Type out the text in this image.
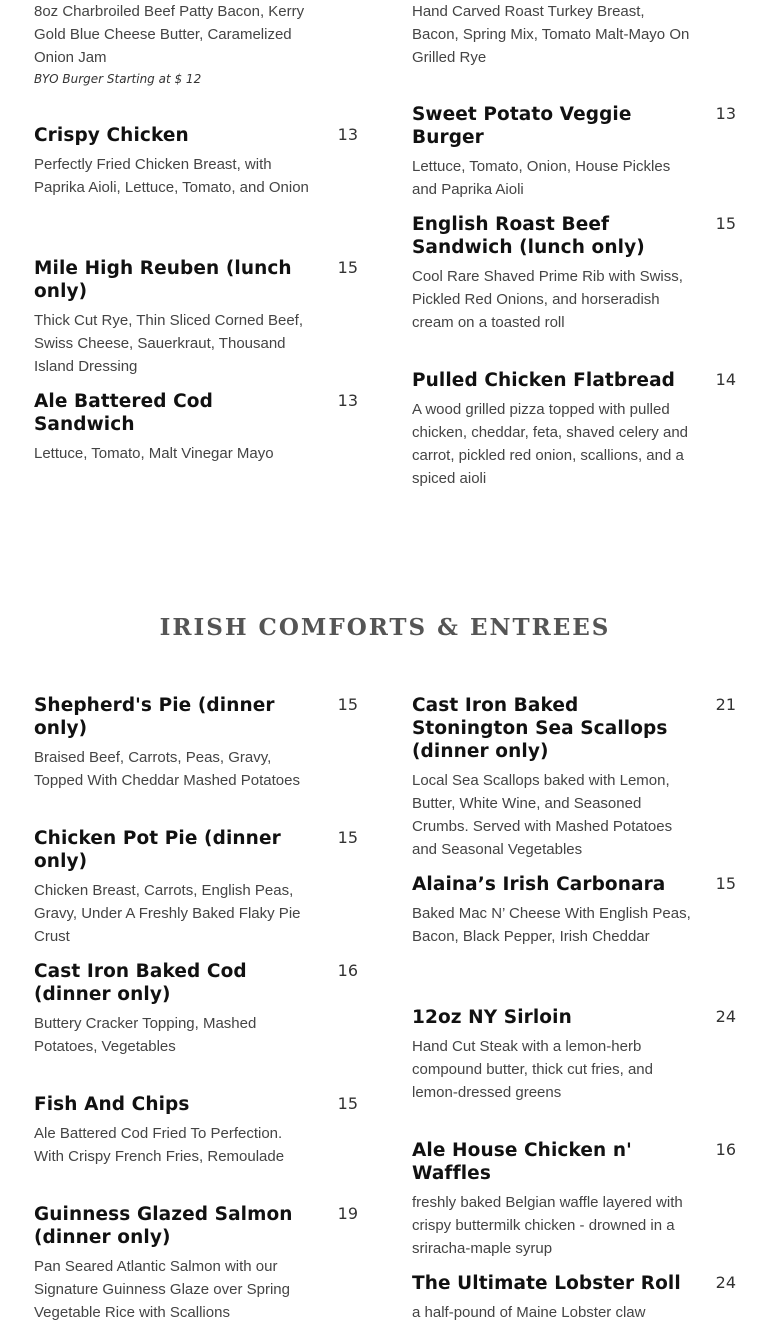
8oz Charbroiled Beef Patty Bacon, Kerry Gold Blue Cheese Butter, Caramelized Onion Jam
BYO Burger Starting at $ 12
Hand Carved Roast Turkey Breast, Bacon, Spring Mix, Tomato Malt-Mayo On Grilled Rye
Crispy Chicken	13
Perfectly Fried Chicken Breast, with Paprika Aioli, Lettuce, Tomato, and Onion
Mile High Reuben (lunch only)
15
Thick Cut Rye, Thin Sliced Corned Beef, Swiss Cheese, Sauerkraut, Thousand Island Dressing
Ale Battered Cod Sandwich
13
Lettuce, Tomato, Malt Vinegar Mayo
Sweet Potato Veggie Burger
13
Lettuce, Tomato, Onion, House Pickles and Paprika Aioli
English Roast Beef Sandwich (lunch only)
15
Cool Rare Shaved Prime Rib with Swiss, Pickled Red Onions, and horseradish cream on a toasted roll
Pulled Chicken Flatbread	14
A wood grilled pizza topped with pulled chicken, cheddar, feta, shaved celery and carrot, pickled red onion, scallions, and a spiced aioli
IRISH COMFORTS & ENTREES
Shepherd's Pie (dinner only)
15
Braised Beef, Carrots, Peas, Gravy, Topped With Cheddar Mashed Potatoes
Chicken Pot Pie (dinner only)
15
Chicken Breast, Carrots, English Peas, Gravy, Under A Freshly Baked Flaky Pie Crust
Cast Iron Baked Cod (dinner only)
16
Buttery Cracker Topping, Mashed Potatoes, Vegetables
Fish And Chips	15
Ale Battered Cod Fried To Perfection. With Crispy French Fries, Remoulade
Guinness Glazed Salmon (dinner only)
19
Pan Seared Atlantic Salmon with our Signature Guinness Glaze over Spring Vegetable Rice with Scallions
Cast Iron Baked Stonington Sea Scallops (dinner only)
21
Local Sea Scallops baked with Lemon, Butter, White Wine, and Seasoned Crumbs. Served with Mashed Potatoes and Seasonal Vegetables
Alaina’s Irish Carbonara	15
Baked Mac N’ Cheese With English Peas, Bacon, Black Pepper, Irish Cheddar
12oz NY Sirloin	24
Hand Cut Steak with a lemon-herb compound butter, thick cut fries, and lemon-dressed greens
Ale House Chicken n' Waffles
16
freshly baked Belgian waffle layered with crispy buttermilk chicken - drowned in a sriracha-maple syrup
The Ultimate Lobster Roll	24
a half-pound of Maine Lobster claw
